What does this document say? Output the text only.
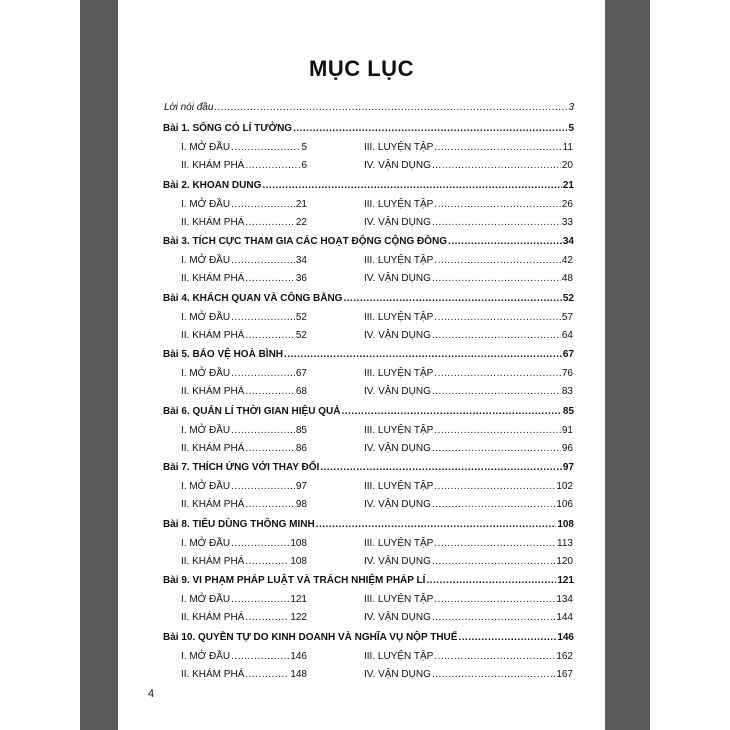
MỤC LỤC
Lời nói đầu .....	3
Bài 1. SỐNG CÓ LÍ TƯỞNG .....	5
I. MỞ ĐẦU .....	5
II. KHÁM PHÁ .....	6
III. LUYỆN TẬP .....	11
IV. VẬN DỤNG .....	20
Bài 2. KHOAN DUNG .....	21
I. MỞ ĐẦU .....	21
II. KHÁM PHÁ .....	22
III. LUYỆN TẬP .....	26
IV. VẬN DỤNG .....	33
Bài 3. TÍCH CỰC THAM GIA CÁC HOẠT ĐỘNG CỘNG ĐỒNG .....	34
I. MỞ ĐẦU .....	34
II. KHÁM PHÁ .....	36
III. LUYỆN TẬP .....	42
IV. VẬN DỤNG .....	48
Bài 4. KHÁCH QUAN VÀ CÔNG BẰNG .....	52
I. MỞ ĐẦU .....	52
II. KHÁM PHÁ .....	52
III. LUYỆN TẬP .....	57
IV. VẬN DỤNG .....	64
Bài 5. BẢO VỆ HOÀ BÌNH .....	67
I. MỞ ĐẦU .....	67
II. KHÁM PHÁ .....	68
III. LUYỆN TẬP .....	76
IV. VẬN DỤNG .....	83
Bài 6. QUẢN LÍ THỜI GIAN HIỆU QUẢ .....	85
I. MỞ ĐẦU .....	85
II. KHÁM PHÁ .....	86
III. LUYỆN TẬP .....	91
IV. VẬN DỤNG .....	96
Bài 7. THÍCH ỨNG VỚI THAY ĐỔI .....	97
I. MỞ ĐẦU .....	97
II. KHÁM PHÁ .....	98
III. LUYỆN TẬP .....	102
IV. VẬN DỤNG .....	106
Bài 8. TIÊU DÙNG THÔNG MINH .....	108
I. MỞ ĐẦU .....	108
II. KHÁM PHÁ .....	108
III. LUYỆN TẬP .....	113
IV. VẬN DỤNG .....	120
Bài 9. VI PHẠM PHÁP LUẬT VÀ TRÁCH NHIỆM PHÁP LÍ .....	121
I. MỞ ĐẦU .....	121
II. KHÁM PHÁ .....	122
III. LUYỆN TẬP .....	134
IV. VẬN DỤNG .....	144
Bài 10. QUYỀN TỰ DO KINH DOANH VÀ NGHĨA VỤ NỘP THUẾ .....	146
I. MỞ ĐẦU .....	146
II. KHÁM PHÁ .....	148
III. LUYỆN TẬP .....	162
IV. VẬN DỤNG .....	167
4
